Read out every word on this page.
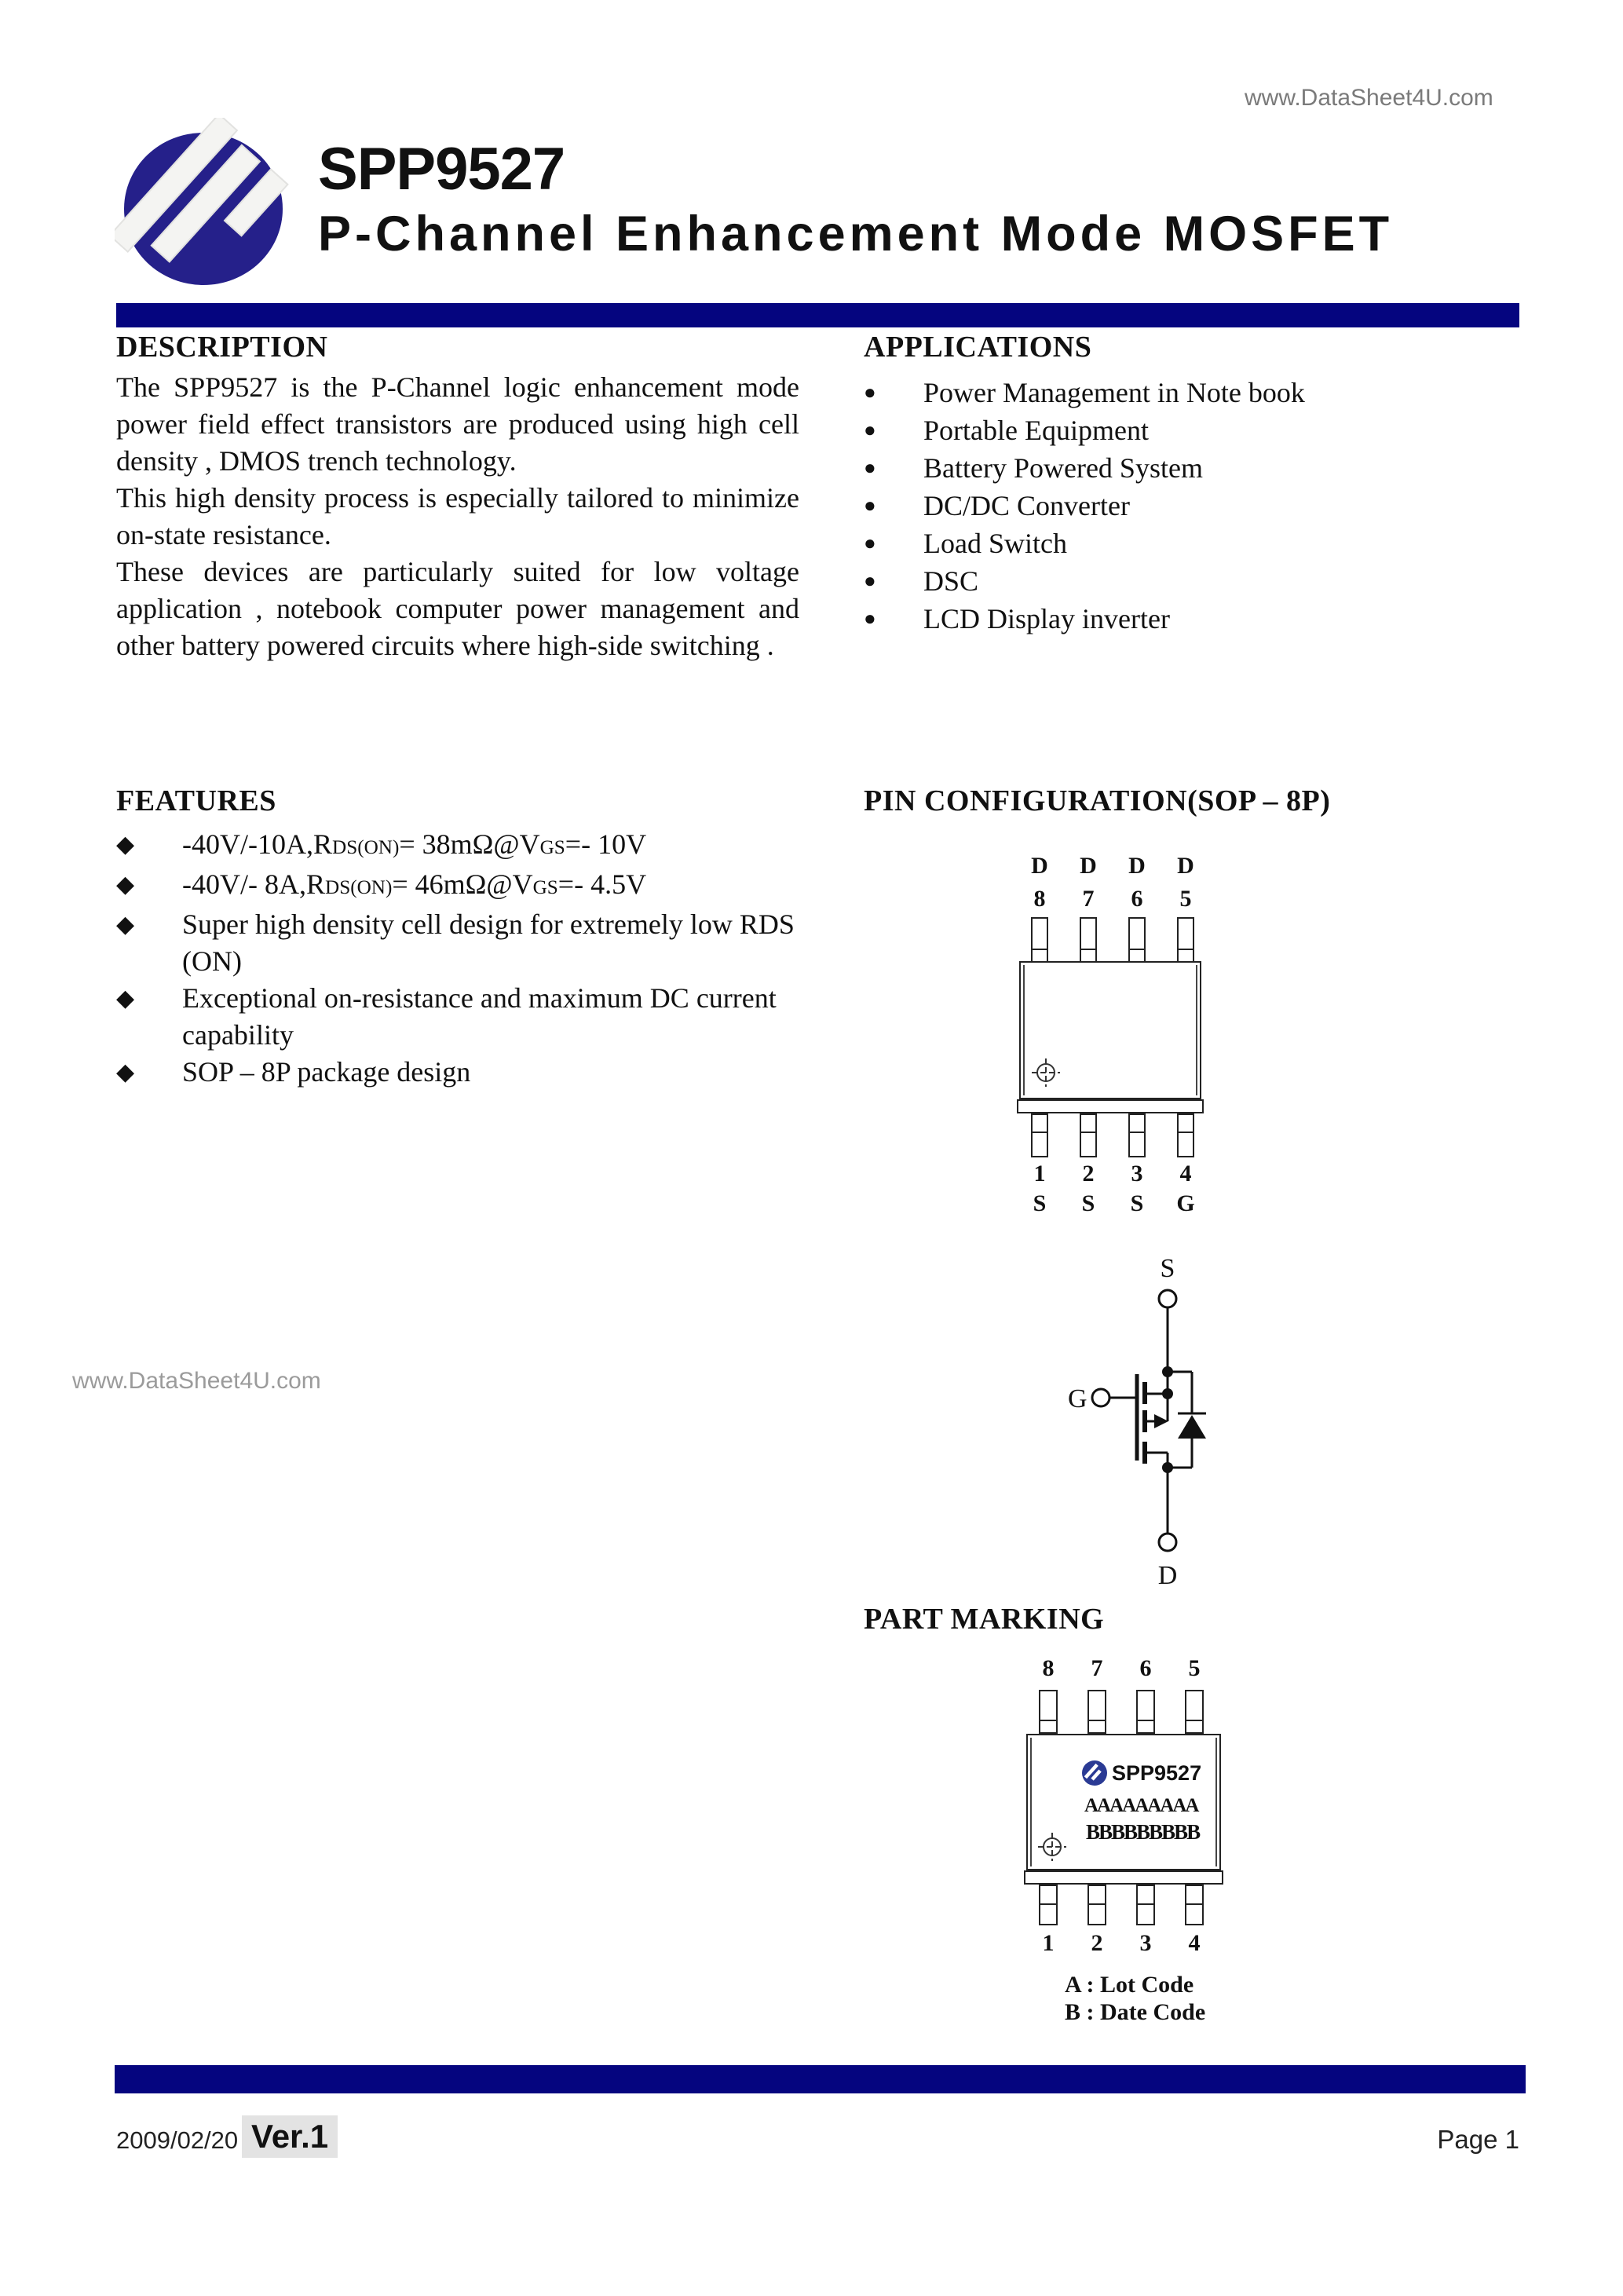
www.DataSheet4U.com
SPP9527
P-Channel Enhancement Mode MOSFET
DESCRIPTION

The SPP9527 is the P-Channel logic enhancement mode power field effect transistors are produced using high cell density , DMOS trench technology.

This high density process is especially tailored to minimize on-state resistance.

These devices are particularly suited for low voltage application , notebook computer power management and other battery powered circuits where high-side switching .

APPLICATIONS
●	Power Management in Note book
●	Portable Equipment
●	Battery Powered System
●	DC/DC Converter
●	Load Switch
●	DSC
●	LCD Display inverter
FEATURES
◆	-40V/-10A,RDS(ON)= 38mΩ@VGS=- 10V
◆	-40V/- 8A,RDS(ON)= 46mΩ@VGS=- 4.5V
◆	Super high density cell design for extremely low RDS (ON)
◆	Exceptional on-resistance and maximum DC current capability
◆	SOP – 8P package design
PIN CONFIGURATION(SOP – 8P)
D D D D
8 7 6 5
1 2 3 4
S S S G
S
G
D
PART MARKING
8 7 6 5
1 2 3 4
SPP9527
AAAAAAAAA
BBBBBBBBB
A : Lot Code
B : Date Code
www.DataSheet4U.com
2009/02/20 Ver.1	Page 1
